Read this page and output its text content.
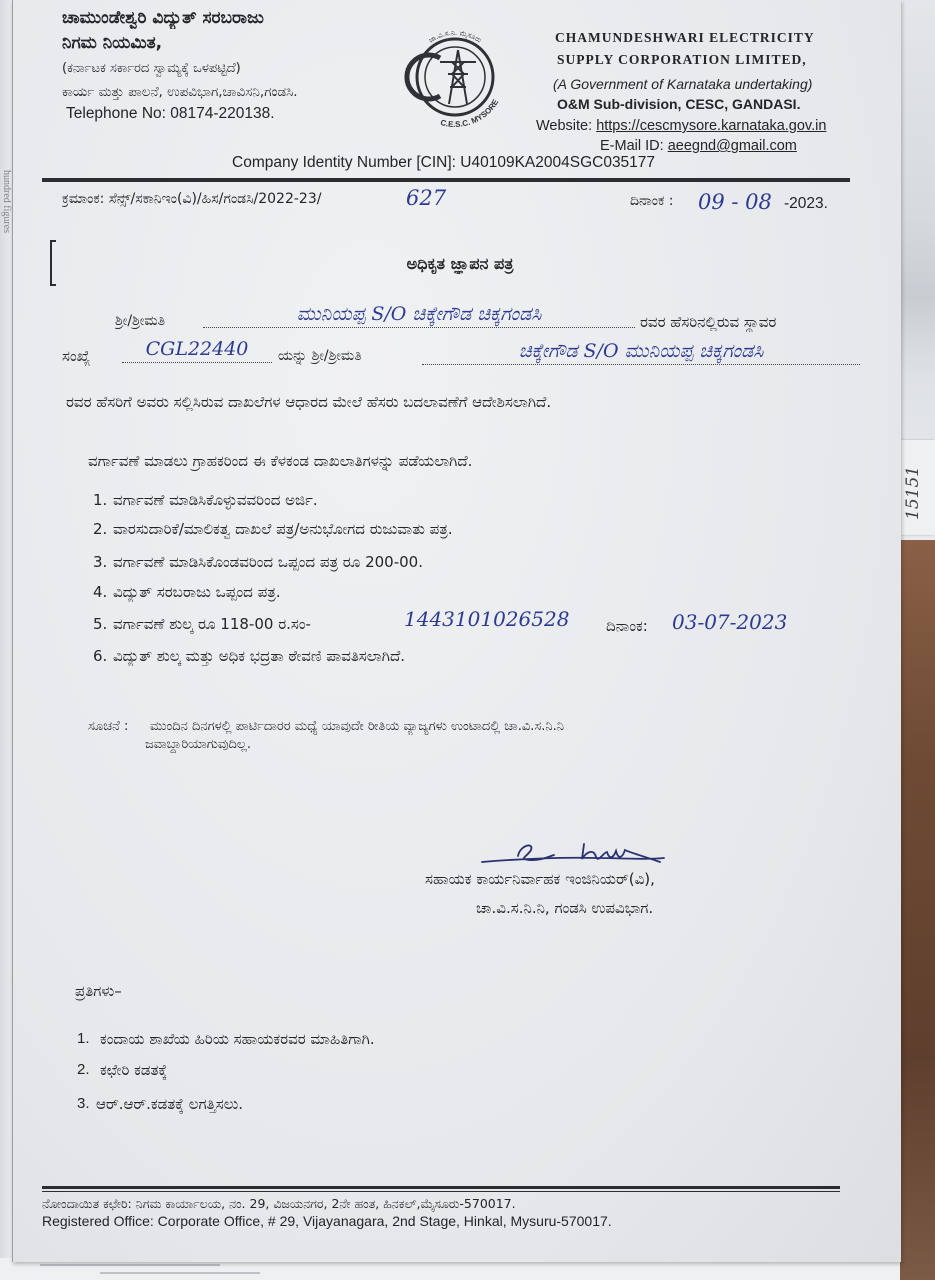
15151
hundred figures
ಚಾಮುಂಡೇಶ್ವರಿ ವಿದ್ಯುತ್ ಸರಬರಾಜು
ನಿಗಮ ನಿಯಮಿತ,
(ಕರ್ನಾಟಕ ಸರ್ಕಾರದ ಸ್ವಾಮ್ಯಕ್ಕೆ ಒಳಪಟ್ಟಿದೆ)
ಕಾರ್ಯ ಮತ್ತು ಪಾಲನೆ, ಉಪವಿಭಾಗ,ಚಾವಿಸನಿ,ಗಂಡಸಿ.
Telephone No: 08174-220138.
ಚಾ.ವಿ.ಸ.ನಿ. ಮೈಸೂರು
C.E.S.C. MYSORE
CHAMUNDESHWARI ELECTRICITY
SUPPLY CORPORATION LIMITED,
(A Government of Karnataka undertaking)
O&M Sub-division, CESC, GANDASI.
Website: https://cescmysore.karnataka.gov.in
E-Mail ID: aeegnd@gmail.com
Company Identity Number [CIN]: U40109KA2004SGC035177
ಕ್ರಮಾಂಕ: ಸೆನ್ಸ್/ಸಕಾನಿಇಂ(ವಿ)/ಹಿಸ/ಗಂಡಸಿ/2022-23/	627	ದಿನಾಂಕ :	09 - 08 -2023.
ಅಧಿಕೃತ ಜ್ಞಾಪನ ಪತ್ರ
ಶ್ರೀ/ಶ್ರೀಮತಿ	ಮುನಿಯಪ್ಪ S/O ಚಿಕ್ಕೇಗೌಡ ಚಿಕ್ಕಗಂಡಸಿ	ರವರ ಹೆಸರಿನಲ್ಲಿರುವ ಸ್ಥಾವರ
ಸಂಖ್ಯೆ	CGL22440	ಯನ್ನು ಶ್ರೀ/ಶ್ರೀಮತಿ	ಚಿಕ್ಕೇಗೌಡ S/O ಮುನಿಯಪ್ಪ ಚಿಕ್ಕಗಂಡಸಿ
ರವರ ಹೆಸರಿಗೆ ಅವರು ಸಲ್ಲಿಸಿರುವ ದಾಖಲೆಗಳ ಆಧಾರದ ಮೇಲೆ ಹೆಸರು ಬದಲಾವಣೆಗೆ ಆದೇಶಿಸಲಾಗಿದೆ.
ವರ್ಗಾವಣೆ ಮಾಡಲು ಗ್ರಾಹಕರಿಂದ ಈ ಕೆಳಕಂಡ ದಾಖಲಾತಿಗಳನ್ನು ಪಡೆಯಲಾಗಿದೆ.
1. ವರ್ಗಾವಣೆ ಮಾಡಿಸಿಕೊಳ್ಳುವವರಿಂದ ಅರ್ಜಿ.
2. ವಾರಸುದಾರಿಕೆ/ಮಾಲಿಕತ್ವ ದಾಖಲೆ ಪತ್ರ/ಅನುಭೋಗದ ರುಜುವಾತು ಪತ್ರ.
3. ವರ್ಗಾವಣೆ ಮಾಡಿಸಿಕೊಂಡವರಿಂದ ಒಪ್ಪಂದ ಪತ್ರ ರೂ 200-00.
4. ವಿದ್ಯುತ್ ಸರಬರಾಜು ಒಪ್ಪಂದ ಪತ್ರ.
5. ವರ್ಗಾವಣೆ ಶುಲ್ಕ ರೂ 118-00 ರ.ಸಂ-	1443101026528	ದಿನಾಂಕ:	03-07-2023
6. ವಿದ್ಯುತ್ ಶುಲ್ಕ ಮತ್ತು ಅಧಿಕ ಭದ್ರತಾ ಠೇವಣಿ ಪಾವತಿಸಲಾಗಿದೆ.
ಸೂಚನೆ :	ಮುಂದಿನ ದಿನಗಳಲ್ಲಿ ಪಾರ್ಟಿದಾರರ ಮಧ್ಯೆ ಯಾವುದೇ ರೀತಿಯ ವ್ಯಾಜ್ಯಗಳು ಉಂಟಾದಲ್ಲಿ ಚಾ.ವಿ.ಸ.ನಿ.ನಿ
ಜವಾಬ್ದಾರಿಯಾಗುವುದಿಲ್ಲ.
ಸಹಾಯಕ ಕಾರ್ಯನಿರ್ವಾಹಕ ಇಂಜಿನಿಯರ್(ವಿ),
ಚಾ.ವಿ.ಸ.ನಿ.ನಿ, ಗಂಡಸಿ ಉಪವಿಭಾಗ.
ಪ್ರತಿಗಳು–
1. ಕಂದಾಯ ಶಾಖೆಯ ಹಿರಿಯ ಸಹಾಯಕರವರ ಮಾಹಿತಿಗಾಗಿ.
2. ಕಛೇರಿ ಕಡತಕ್ಕೆ
3. ಆರ್.ಆರ್.ಕಡತಕ್ಕೆ ಲಗತ್ತಿಸಲು.
ನೋಂದಾಯಿತ ಕಛೇರಿ: ನಿಗಮ ಕಾರ್ಯಾಲಯ, ನಂ. 29, ವಿಜಯನಗರ, 2ನೇ ಹಂತ, ಹಿನಕಲ್,ಮೈಸೂರು-570017.
Registered Office: Corporate Office, # 29, Vijayanagara, 2nd Stage, Hinkal, Mysuru-570017.
